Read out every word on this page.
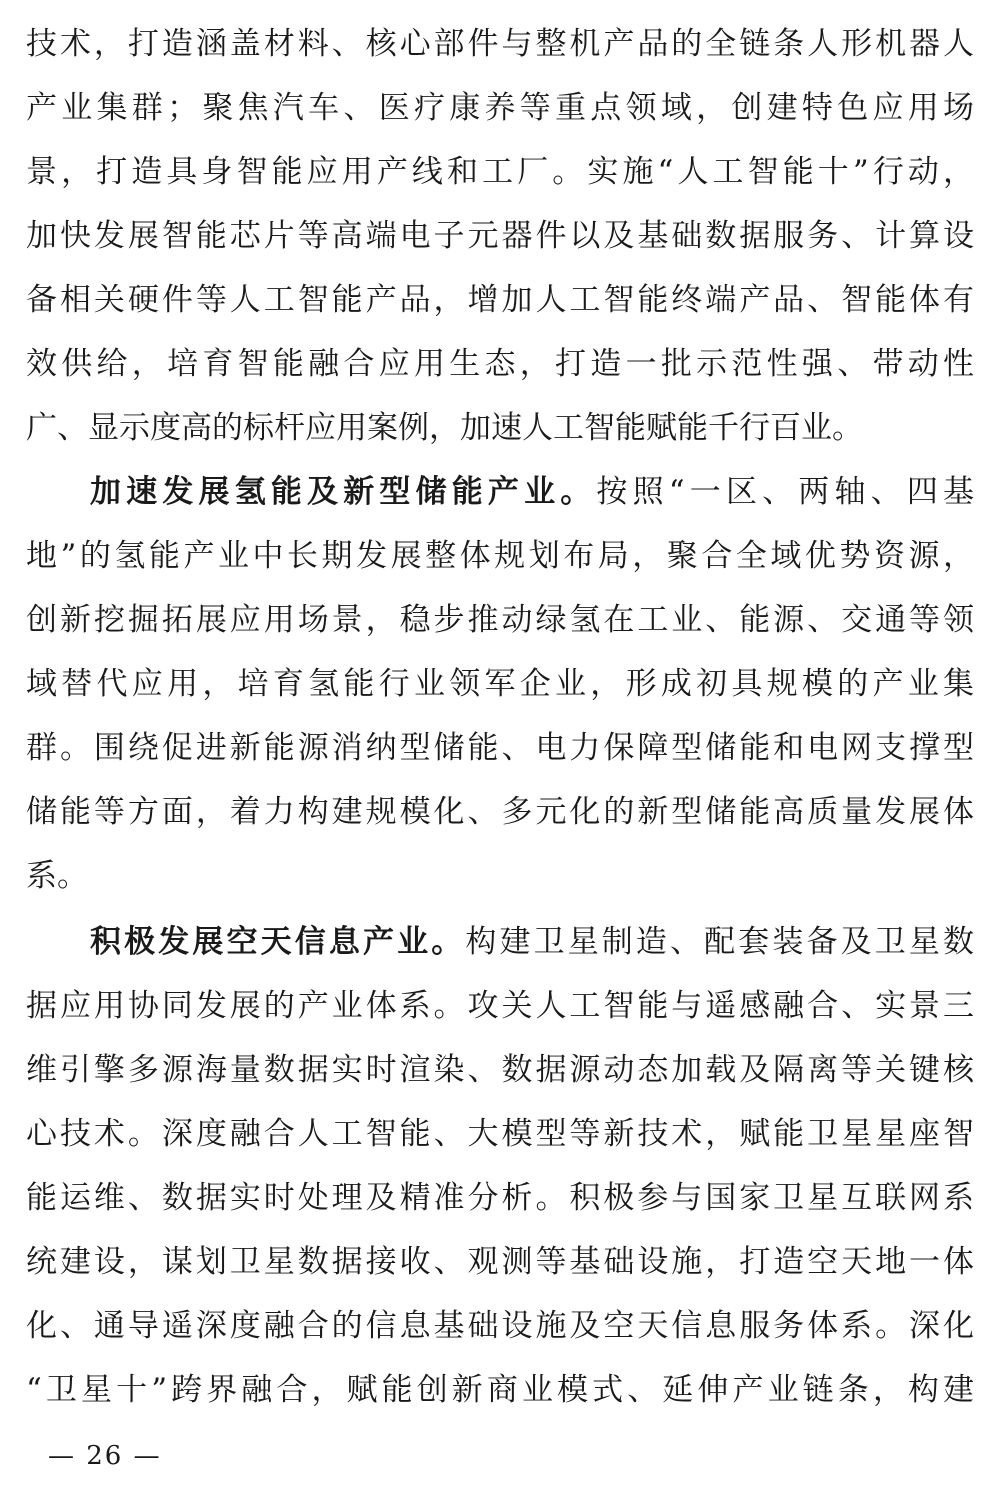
技术，打造涵盖材料、核心部件与整机产品的全链条人形机器人
产业集群；聚焦汽车、医疗康养等重点领域，创建特色应用场
景，打造具身智能应用产线和工厂。实施“人工智能十”行动，
加快发展智能芯片等高端电子元器件以及基础数据服务、计算设
备相关硬件等人工智能产品，增加人工智能终端产品、智能体有
效供给，培育智能融合应用生态，打造一批示范性强、带动性
广、显示度高的标杆应用案例，加速人工智能赋能千行百业。
加速发展氢能及新型储能产业。按照“一区、两轴、四基
地”的氢能产业中长期发展整体规划布局，聚合全域优势资源，
创新挖掘拓展应用场景，稳步推动绿氢在工业、能源、交通等领
域替代应用，培育氢能行业领军企业，形成初具规模的产业集
群。围绕促进新能源消纳型储能、电力保障型储能和电网支撑型
储能等方面，着力构建规模化、多元化的新型储能高质量发展体
系。
积极发展空天信息产业。构建卫星制造、配套装备及卫星数
据应用协同发展的产业体系。攻关人工智能与遥感融合、实景三
维引擎多源海量数据实时渲染、数据源动态加载及隔离等关键核
心技术。深度融合人工智能、大模型等新技术，赋能卫星星座智
能运维、数据实时处理及精准分析。积极参与国家卫星互联网系
统建设，谋划卫星数据接收、观测等基础设施，打造空天地一体
化、通导遥深度融合的信息基础设施及空天信息服务体系。深化
“卫星十”跨界融合，赋能创新商业模式、延伸产业链条，构建
— 26 —
